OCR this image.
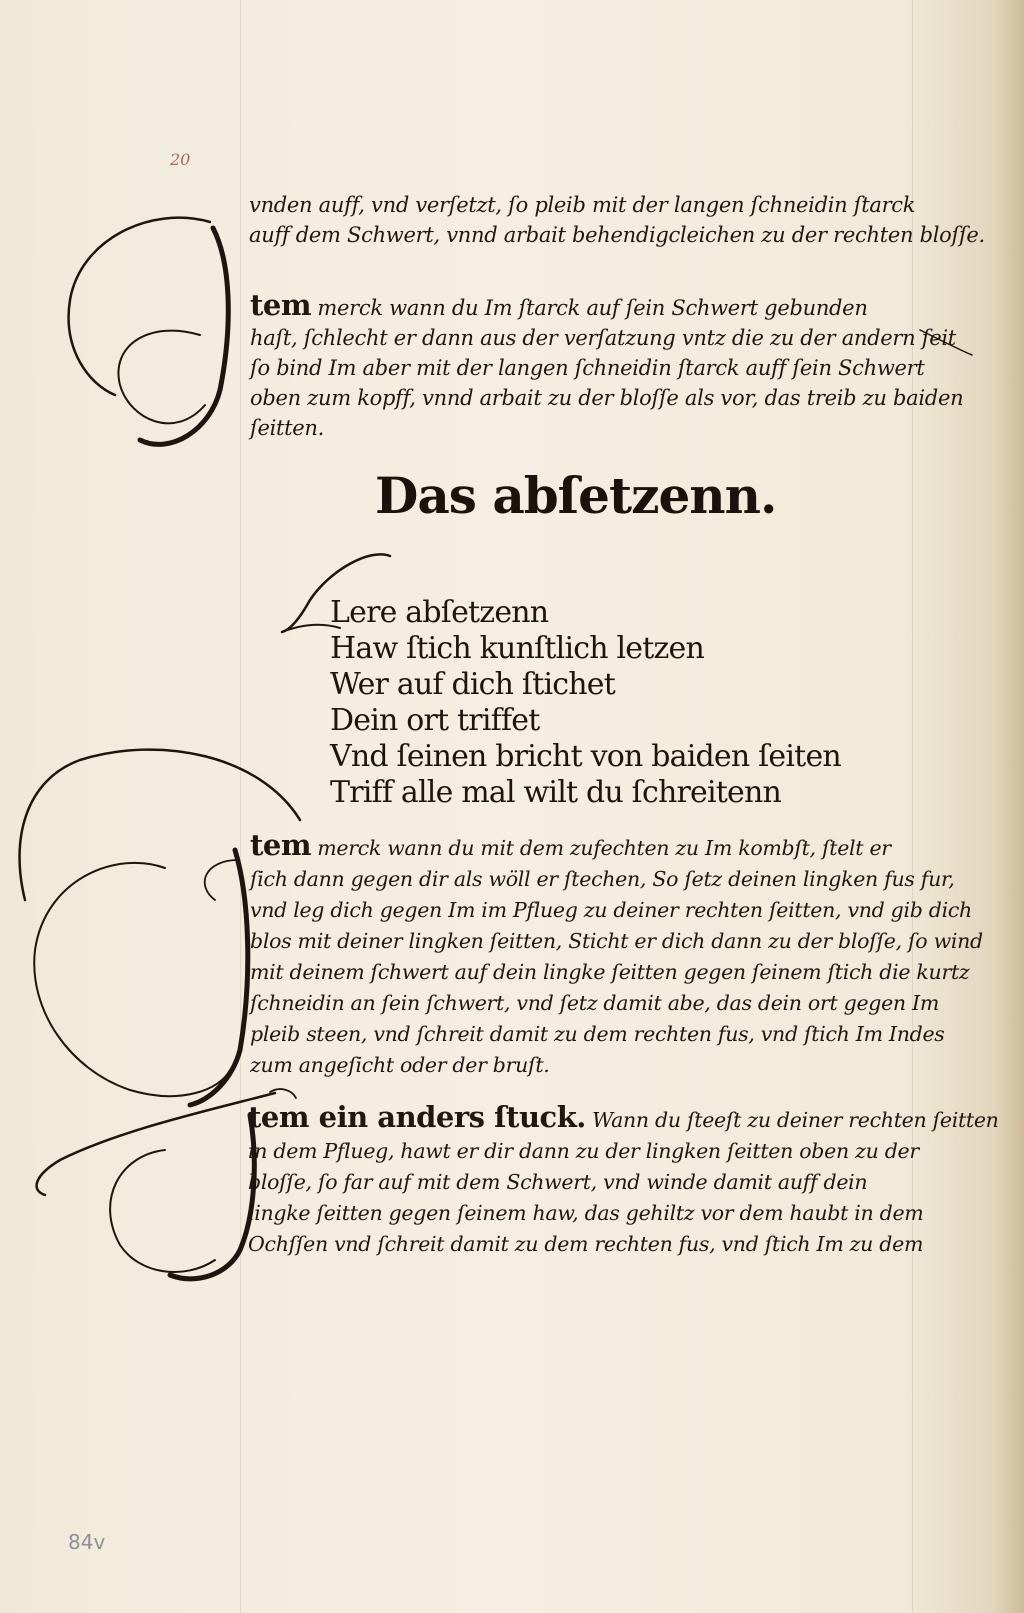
20
vnden auff, vnd verſetzt, ſo pleib mit der langen ſchneidin ſtarck
auff dem Schwert, vnnd arbait behendigcleichen zu der rechten bloſſe.
tem merck wann du Im ſtarck auf ſein Schwert gebunden
haſt, ſchlecht er dann aus der verſatzung vntz die zu der andern ſeit
ſo bind Im aber mit der langen ſchneidin ſtarck auff ſein Schwert
oben zum kopff, vnnd arbait zu der bloſſe als vor, das treib zu baiden
ſeitten.
Das abſetzenn.
Lere abſetzenn
Haw ſtich kunſtlich letzen
Wer auf dich ſtichet
Dein ort triffet
Vnd ſeinen bricht von baiden ſeiten
Triff alle mal wilt du ſchreitenn
tem merck wann du mit dem zufechten zu Im kombſt, ſtelt er
ſich dann gegen dir als wöll er ſtechen, So ſetz deinen lingken fus fur,
vnd leg dich gegen Im im Pflueg zu deiner rechten ſeitten, vnd gib dich
blos mit deiner lingken ſeitten, Sticht er dich dann zu der bloſſe, ſo wind
mit deinem ſchwert auf dein lingke ſeitten gegen ſeinem ſtich die kurtz
ſchneidin an ſein ſchwert, vnd ſetz damit abe, das dein ort gegen Im
pleib steen, vnd ſchreit damit zu dem rechten fus, vnd ſtich Im Indes
zum angeſicht oder der bruſt.
tem ein anders ſtuck. Wann du ſteeſt zu deiner rechten ſeitten
in dem Pflueg, hawt er dir dann zu der lingken ſeitten oben zu der
bloſſe, ſo far auf mit dem Schwert, vnd winde damit auff dein
lingke ſeitten gegen ſeinem haw, das gehiltz vor dem haubt in dem
Ochſſen vnd ſchreit damit zu dem rechten fus, vnd ſtich Im zu dem
84v
